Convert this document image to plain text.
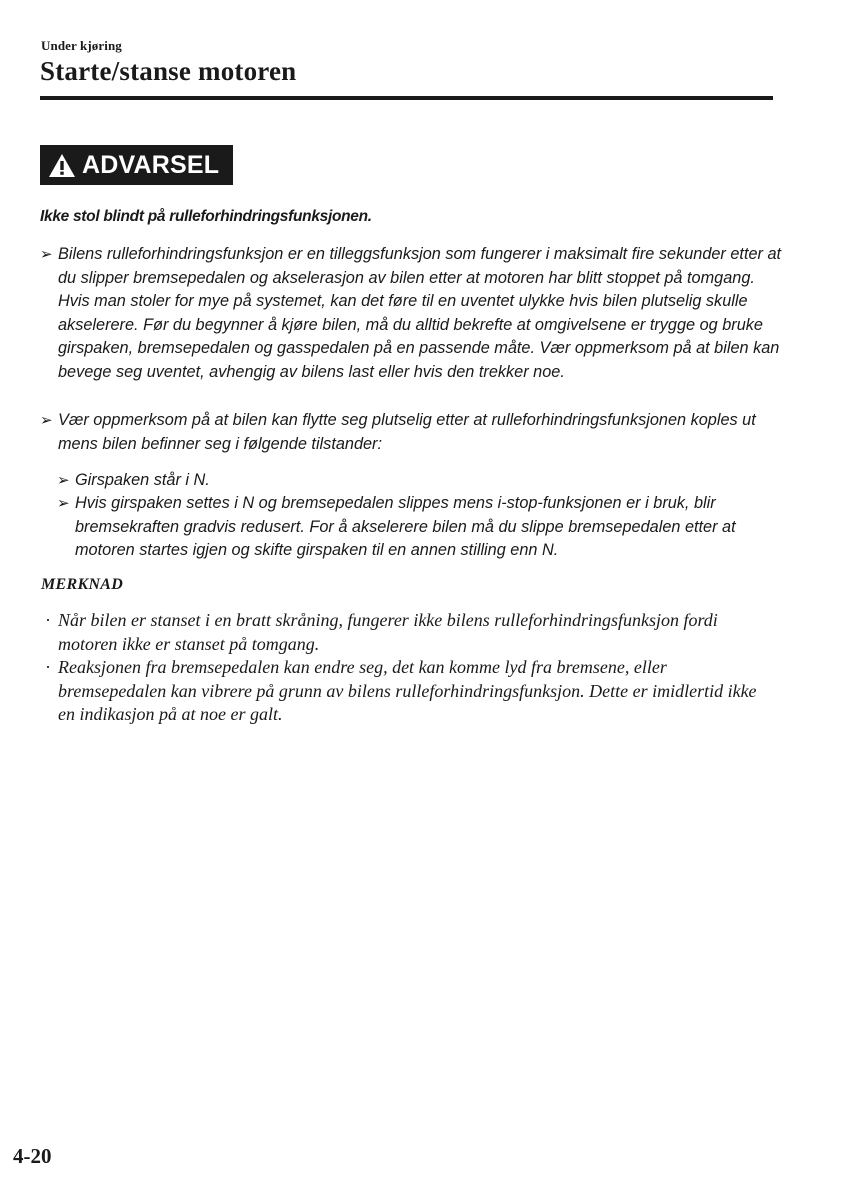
Under kjøring
Starte/stanse motoren
ADVARSEL
Ikke stol blindt på rulleforhindringsfunksjonen.
➢ Bilens rulleforhindringsfunksjon er en tilleggsfunksjon som fungerer i maksimalt fire sekunder etter at du slipper bremsepedalen og akselerasjon av bilen etter at motoren har blitt stoppet på tomgang. Hvis man stoler for mye på systemet, kan det føre til en uventet ulykke hvis bilen plutselig skulle akselerere. Før du begynner å kjøre bilen, må du alltid bekrefte at omgivelsene er trygge og bruke girspaken, bremsepedalen og gasspedalen på en passende måte. Vær oppmerksom på at bilen kan bevege seg uventet, avhengig av bilens last eller hvis den trekker noe.
➢ Vær oppmerksom på at bilen kan flytte seg plutselig etter at rulleforhindringsfunksjonen koples ut mens bilen befinner seg i følgende tilstander:
➢ Girspaken står i N.
➢ Hvis girspaken settes i N og bremsepedalen slippes mens i-stop-funksjonen er i bruk, blir bremsekraften gradvis redusert. For å akselerere bilen må du slippe bremsepedalen etter at motoren startes igjen og skifte girspaken til en annen stilling enn N.
MERKNAD
· Når bilen er stanset i en bratt skråning, fungerer ikke bilens rulleforhindringsfunksjon fordi motoren ikke er stanset på tomgang.
· Reaksjonen fra bremsepedalen kan endre seg, det kan komme lyd fra bremsene, eller bremsepedalen kan vibrere på grunn av bilens rulleforhindringsfunksjon. Dette er imidlertid ikke en indikasjon på at noe er galt.
4-20
